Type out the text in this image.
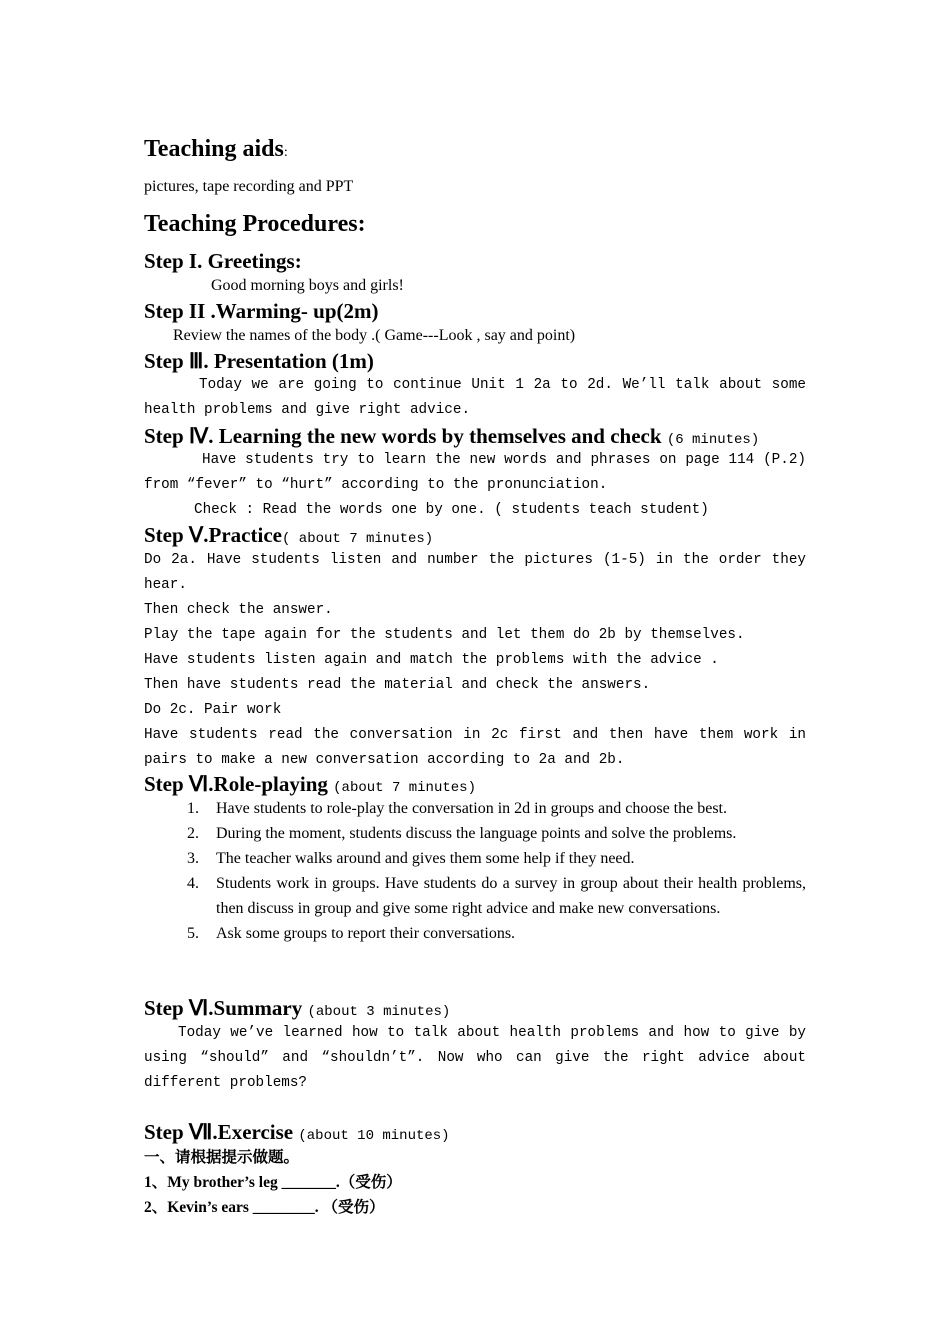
Teaching aids:
pictures, tape recording and PPT
Teaching Procedures:
Step I. Greetings:
Good morning boys and girls!
Step II .Warming- up(2m)
Review the names of the body .( Game---Look , say and point)
Step Ⅲ. Presentation (1m)
Today we are going to continue Unit 1 2a to 2d. We’ll talk about some health problems and give right advice.
Step Ⅳ. Learning the new words by themselves and check (6 minutes)
Have students try to learn the new words and phrases on page 114 (P.2) from “fever” to “hurt” according to the pronunciation.
Check : Read the words one by one. ( students teach student)
Step Ⅴ.Practice( about 7 minutes)
Do 2a. Have students listen and number the pictures (1-5) in the order they hear.
Then check the answer.
Play the tape again for the students and let them do 2b by themselves.
Have students listen again and match the problems with the advice .
Then have students read the material and check the answers.
Do 2c. Pair work
Have students read the conversation in 2c first and then have them work in pairs to make a new conversation according to 2a and 2b.
Step Ⅵ.Role-playing (about 7 minutes)
1. Have students to role-play the conversation in 2d in groups and choose the best.
2. During the moment, students discuss the language points and solve the problems.
3. The teacher walks around and gives them some help if they need.
4. Students work in groups. Have students do a survey in group about their health problems, then discuss in group and give some right advice and make new conversations.
5. Ask some groups to report their conversations.
Step Ⅵ.Summary (about 3 minutes)
Today we’ve learned how to talk about health problems and how to give by using “should” and “shouldn’t”. Now who can give the right advice about different problems?
Step Ⅶ.Exercise (about 10 minutes)
一、请根据提示做题。
1、My brother’s leg _______.（受伤）
2、Kevin’s ears ________. （受伤）
